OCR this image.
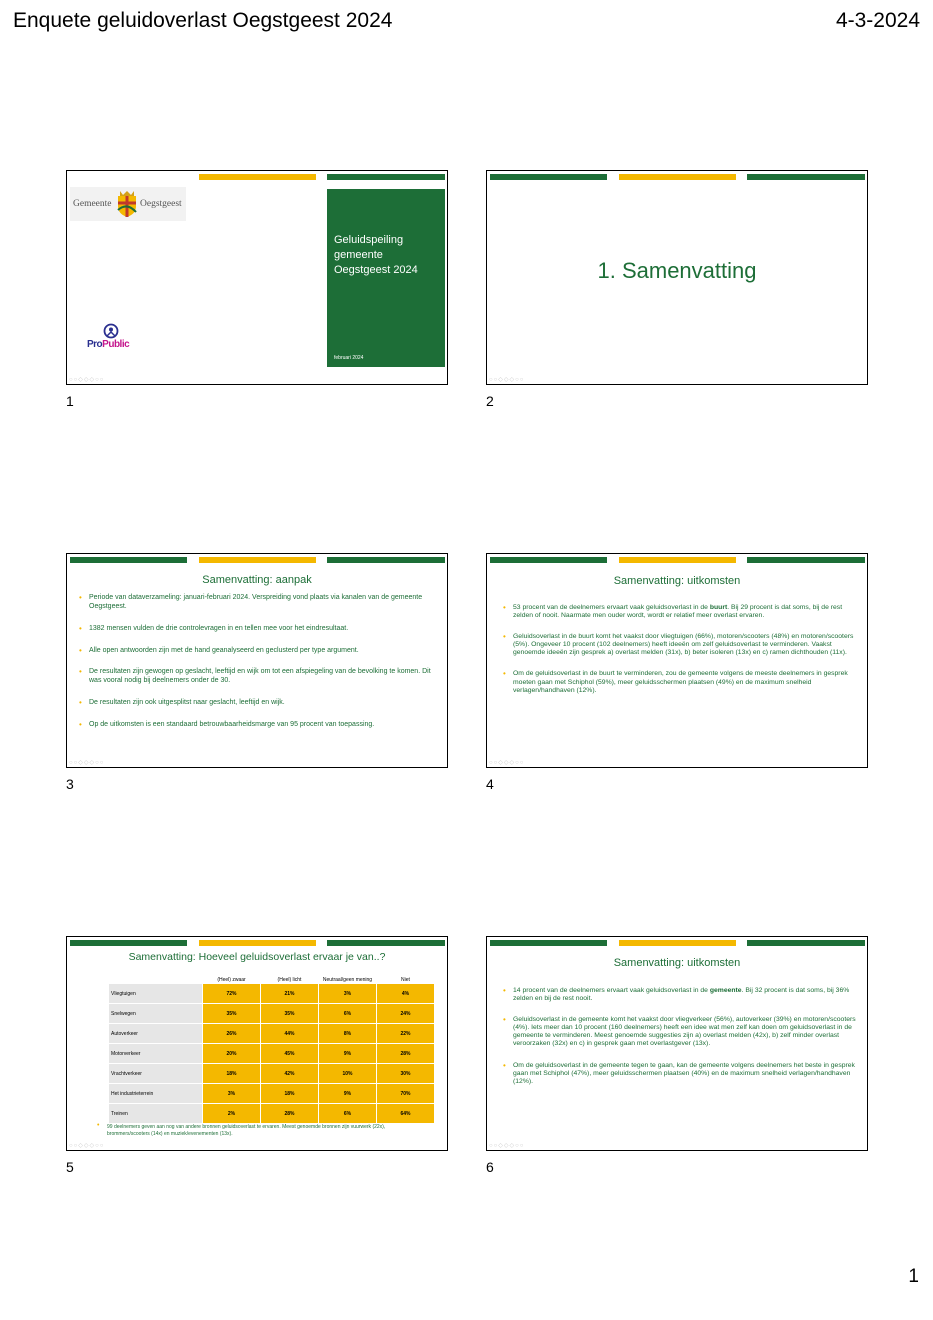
Enquete geluidoverlast Oegstgeest 2024	4-3-2024
Gemeente	Oegstgeest
ProPublic
Geluidspeiling gemeente Oegstgeest 2024
februari 2024
○○◇◇◇○○
1
1. Samenvatting
○○◇◇◇○○
2
Samenvatting: aanpak
• Periode van dataverzameling: januari-februari 2024. Verspreiding vond plaats via kanalen van de gemeente Oegstgeest.
• 1382 mensen vulden de drie controlevragen in en tellen mee voor het eindresultaat.
• Alle open antwoorden zijn met de hand geanalyseerd en geclusterd per type argument.
• De resultaten zijn gewogen op geslacht, leeftijd en wijk om tot een afspiegeling van de bevolking te komen. Dit was vooral nodig bij deelnemers onder de 30.
• De resultaten zijn ook uitgesplitst naar geslacht, leeftijd en wijk.
• Op de uitkomsten is een standaard betrouwbaarheidsmarge van 95 procent van toepassing.
○○◇◇◇○○
3
Samenvatting: uitkomsten
• 53 procent van de deelnemers ervaart vaak geluidsoverlast in de buurt. Bij 29 procent is dat soms, bij de rest zelden of nooit. Naarmate men ouder wordt, wordt er relatief meer overlast ervaren.
• Geluidsoverlast in de buurt komt het vaakst door vliegtuigen (66%), motoren/scooters (48%) en motoren/scooters (5%). Ongeveer 10 procent (102 deelnemers) heeft ideeën om zelf geluidsoverlast te verminderen. Vaakst genoemde ideeën zijn gesprek a) overlast melden (31x), b) beter isoleren (13x) en c) ramen dichthouden (11x).
• Om de geluidsoverlast in de buurt te verminderen, zou de gemeente volgens de meeste deelnemers in gesprek moeten gaan met Schiphol (59%), meer geluidsschermen plaatsen (49%) en de maximum snelheid verlagen/handhaven (12%).
○○◇◇◇○○
4
Samenvatting: Hoeveel geluidsoverlast ervaar je van..?
	(Heel) zwaar	(Heel) licht	Neutraal/geen mening	Niet
Vliegtuigen	72%	21%	3%	4%
Snelwegen	35%	35%	6%	24%
Autoverkeer	26%	44%	8%	22%
Motorverkeer	20%	45%	9%	28%
Vrachtverkeer	18%	42%	10%	30%
Het industrieterrein	3%	18%	9%	70%
Treinen	2%	28%	6%	64%
• 99 deelnemers geven aan nog van andere bronnen geluidsoverlast te ervaren. Meest genoemde bronnen zijn vuurwerk (22x), brommers/scooters (14x) en muziek/evenementen (13x).
○○◇◇◇○○
5
Samenvatting: uitkomsten
• 14 procent van de deelnemers ervaart vaak geluidsoverlast in de gemeente. Bij 32 procent is dat soms, bij 36% zelden en bij de rest nooit.
• Geluidsoverlast in de gemeente komt het vaakst door vliegverkeer (56%), autoverkeer (39%) en motoren/scooters (4%). Iets meer dan 10 procent (160 deelnemers) heeft een idee wat men zelf kan doen om geluidsoverlast in de gemeente te verminderen. Meest genoemde suggesties zijn a) overlast melden (42x), b) zelf minder overlast veroorzaken (32x) en c) in gesprek gaan met overlastgever (13x).
• Om de geluidsoverlast in de gemeente tegen te gaan, kan de gemeente volgens deelnemers het beste in gesprek gaan met Schiphol (47%), meer geluidsschermen plaatsen (40%) en de maximum snelheid verlagen/handhaven (12%).
○○◇◇◇○○
6
1
